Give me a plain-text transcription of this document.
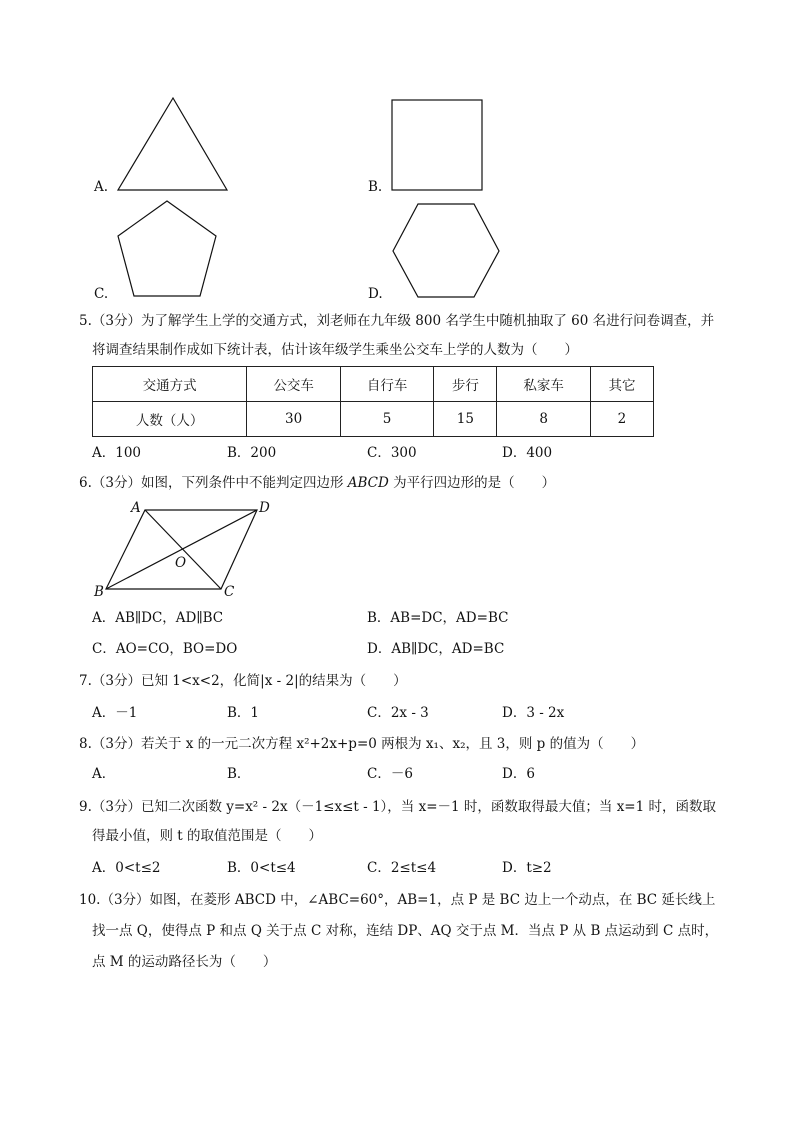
A.	B.
C.	D.
5.（3分）为了解学生上学的交通方式，刘老师在九年级 800 名学生中随机抽取了 60 名进行问卷调查，并
将调查结果制作成如下统计表，估计该年级学生乘坐公交车上学的人数为（　　）
交通方式	公交车	自行车	步行	私家车	其它
人数（人）	30	5	15	8	2
A．100	B．200	C．300	D．400
6.（3分）如图，下列条件中不能判定四边形 ABCD 为平行四边形的是（　　）
A	D
B	C
O
A．AB∥DC，AD∥BC	B．AB=DC，AD=BC
C．AO=CO，BO=DO	D．AB∥DC，AD=BC
7.（3分）已知 1<x<2，化简|x - 2|的结果为（　　）
A．－1	B．1	C．2x - 3	D．3 - 2x
8.（3分）若关于 x 的一元二次方程 x²+2x+p=0 两根为 x₁、x₂，且 3，则 p 的值为（　　）
A．	B．	C．－6	D．6
9.（3分）已知二次函数 y=x² - 2x（－1≤x≤t - 1），当 x=－1 时，函数取得最大值；当 x=1 时，函数取
得最小值，则 t 的取值范围是（　　）
A．0<t≤2	B．0<t≤4	C．2≤t≤4	D．t≥2
10.（3分）如图，在菱形 ABCD 中，∠ABC=60°，AB=1，点 P 是 BC 边上一个动点，在 BC 延长线上
找一点 Q，使得点 P 和点 Q 关于点 C 对称，连结 DP、AQ 交于点 M．当点 P 从 B 点运动到 C 点时，
点 M 的运动路径长为（　　）
